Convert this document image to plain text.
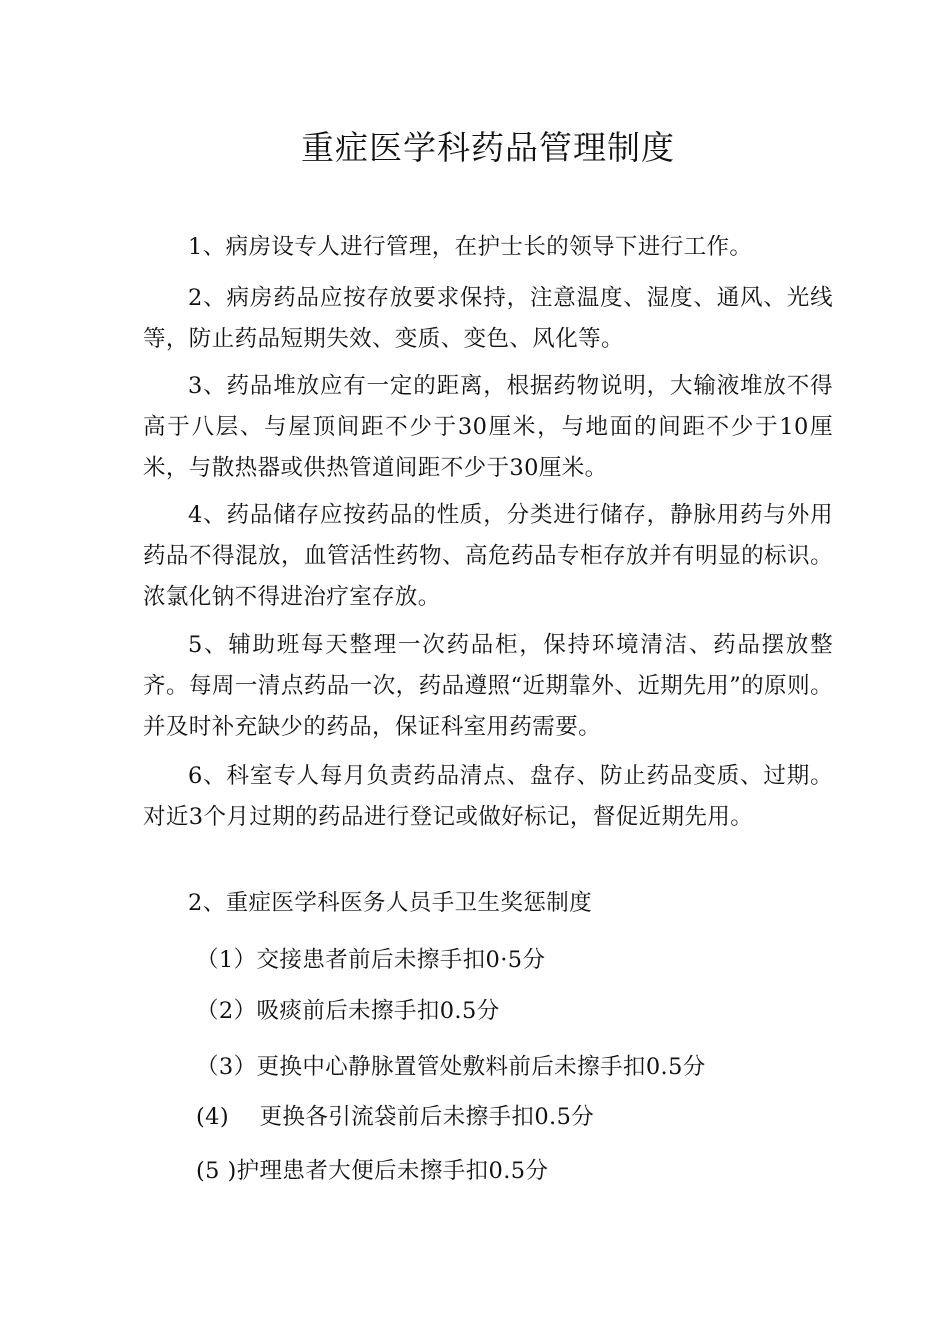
重症医学科药品管理制度

1、病房设专人进行管理，在护士长的领导下进行工作。

2、病房药品应按存放要求保持，注意温度、湿度、通风、光线等，防止药品短期失效、变质、变色、风化等。

3、药品堆放应有一定的距离，根据药物说明，大输液堆放不得高于八层、与屋顶间距不少于30厘米，与地面的间距不少于10厘米，与散热器或供热管道间距不少于30厘米。

4、药品储存应按药品的性质，分类进行储存，静脉用药与外用药品不得混放，血管活性药物、高危药品专柜存放并有明显的标识。浓氯化钠不得进治疗室存放。

5、辅助班每天整理一次药品柜，保持环境清洁、药品摆放整齐。每周一清点药品一次，药品遵照“近期靠外、近期先用”的原则。并及时补充缺少的药品，保证科室用药需要。

6、科室专人每月负责药品清点、盘存、防止药品变质、过期。对近3个月过期的药品进行登记或做好标记，督促近期先用。

2、重症医学科医务人员手卫生奖惩制度

（1）交接患者前后未擦手扣0·5分
（2）吸痰前后未擦手扣0.5分
（3）更换中心静脉置管处敷料前后未擦手扣0.5分
(4)　 更换各引流袋前后未擦手扣0.5分
(5 )护理患者大便后未擦手扣0.5分
